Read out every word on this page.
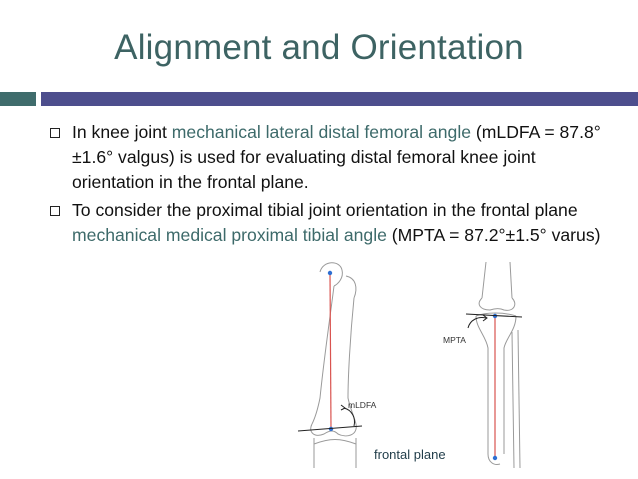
Alignment and Orientation
In knee joint mechanical lateral distal femoral angle (mLDFA = 87.8°±1.6° valgus) is used for evaluating distal femoral knee joint orientation in the frontal plane.
To consider the proximal tibial joint orientation in the frontal plane mechanical medical proximal tibial angle (MPTA = 87.2°±1.5° varus)
mLDFA
MPTA
frontal plane
